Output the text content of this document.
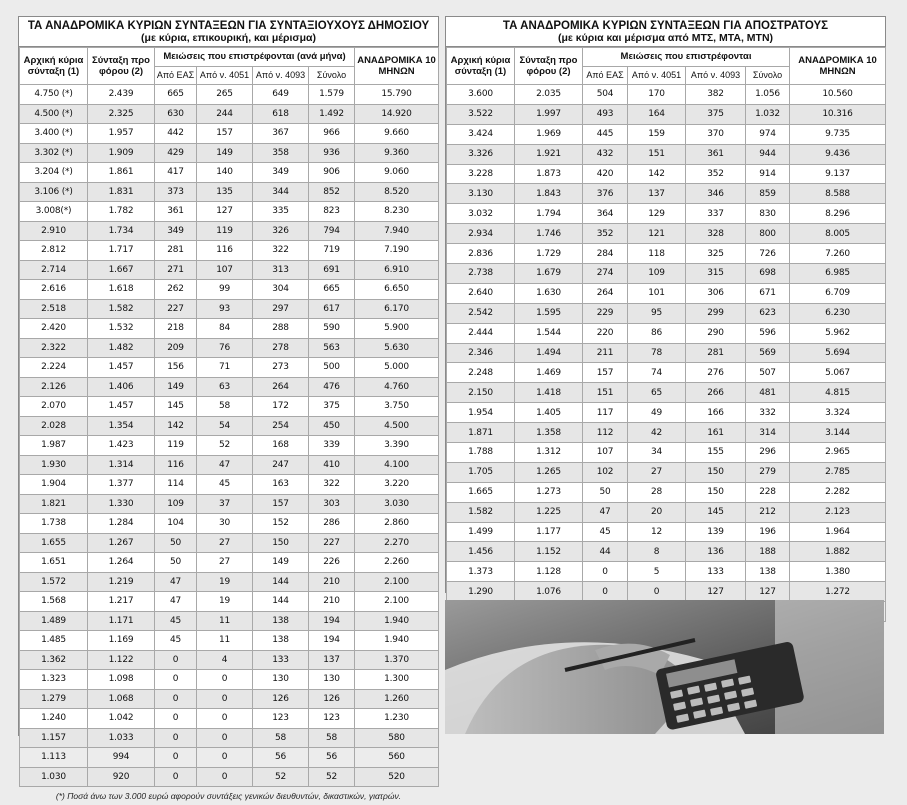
ΤΑ ΑΝΑΔΡΟΜΙΚΑ ΚΥΡΙΩΝ ΣΥΝΤΑΞΕΩΝ ΓΙΑ ΣΥΝΤΑΞΙΟΥΧΟΥΣ ΔΗΜΟΣΙΟΥ
(με κύρια, επικουρική, και μέρισμα)
Αρχική κύρια σύνταξη (1)	Σύνταξη προ φόρου (2)	Μειώσεις που επιστρέφονται (ανά μήνα)				ΑΝΑΔΡΟΜΙΚΑ 10 ΜΗΝΩΝ
		Από ΕΑΣ	Από ν. 4051	Από ν. 4093	Σύνολο	
4.750 (*)	2.439	665	265	649	1.579	15.790
4.500 (*)	2.325	630	244	618	1.492	14.920
3.400 (*)	1.957	442	157	367	966	9.660
3.302 (*)	1.909	429	149	358	936	9.360
3.204 (*)	1.861	417	140	349	906	9.060
3.106 (*)	1.831	373	135	344	852	8.520
3.008(*)	1.782	361	127	335	823	8.230
2.910	1.734	349	119	326	794	7.940
2.812	1.717	281	116	322	719	7.190
2.714	1.667	271	107	313	691	6.910
2.616	1.618	262	99	304	665	6.650
2.518	1.582	227	93	297	617	6.170
2.420	1.532	218	84	288	590	5.900
2.322	1.482	209	76	278	563	5.630
2.224	1.457	156	71	273	500	5.000
2.126	1.406	149	63	264	476	4.760
2.070	1.457	145	58	172	375	3.750
2.028	1.354	142	54	254	450	4.500
1.987	1.423	119	52	168	339	3.390
1.930	1.314	116	47	247	410	4.100
1.904	1.377	114	45	163	322	3.220
1.821	1.330	109	37	157	303	3.030
1.738	1.284	104	30	152	286	2.860
1.655	1.267	50	27	150	227	2.270
1.651	1.264	50	27	149	226	2.260
1.572	1.219	47	19	144	210	2.100
1.568	1.217	47	19	144	210	2.100
1.489	1.171	45	11	138	194	1.940
1.485	1.169	45	11	138	194	1.940
1.362	1.122	0	4	133	137	1.370
1.323	1.098	0	0	130	130	1.300
1.279	1.068	0	0	126	126	1.260
1.240	1.042	0	0	123	123	1.230
1.157	1.033	0	0	58	58	580
1.113	994	0	0	56	56	560
1.030	920	0	0	52	52	520
(*) Ποσά άνω των 3.000 ευρώ αφορούν συντάξεις γενικών διευθυντών, δικαστικών, γιατρών.
ΤΑ ΑΝΑΔΡΟΜΙΚΑ ΚΥΡΙΩΝ ΣΥΝΤΑΞΕΩΝ ΓΙΑ ΑΠΟΣΤΡΑΤΟΥΣ
(με κύρια και μέρισμα από ΜΤΣ, ΜΤΑ, ΜΤΝ)
Αρχική κύρια σύνταξη (1)	Σύνταξη προ φόρου (2)	Μειώσεις που επιστρέφονται				ΑΝΑΔΡΟΜΙΚΑ 10 ΜΗΝΩΝ
		Από ΕΑΣ	Από ν. 4051	Από ν. 4093	Σύνολο	
3.600	2.035	504	170	382	1.056	10.560
3.522	1.997	493	164	375	1.032	10.316
3.424	1.969	445	159	370	974	9.735
3.326	1.921	432	151	361	944	9.436
3.228	1.873	420	142	352	914	9.137
3.130	1.843	376	137	346	859	8.588
3.032	1.794	364	129	337	830	8.296
2.934	1.746	352	121	328	800	8.005
2.836	1.729	284	118	325	726	7.260
2.738	1.679	274	109	315	698	6.985
2.640	1.630	264	101	306	671	6.709
2.542	1.595	229	95	299	623	6.230
2.444	1.544	220	86	290	596	5.962
2.346	1.494	211	78	281	569	5.694
2.248	1.469	157	74	276	507	5.067
2.150	1.418	151	65	266	481	4.815
1.954	1.405	117	49	166	332	3.324
1.871	1.358	112	42	161	314	3.144
1.788	1.312	107	34	155	296	2.965
1.705	1.265	102	27	150	279	2.785
1.665	1.273	50	28	150	228	2.282
1.582	1.225	47	20	145	212	2.123
1.499	1.177	45	12	139	196	1.964
1.456	1.152	44	8	136	188	1.882
1.373	1.128	0	5	133	138	1.380
1.290	1.076	0	0	127	127	1.272
